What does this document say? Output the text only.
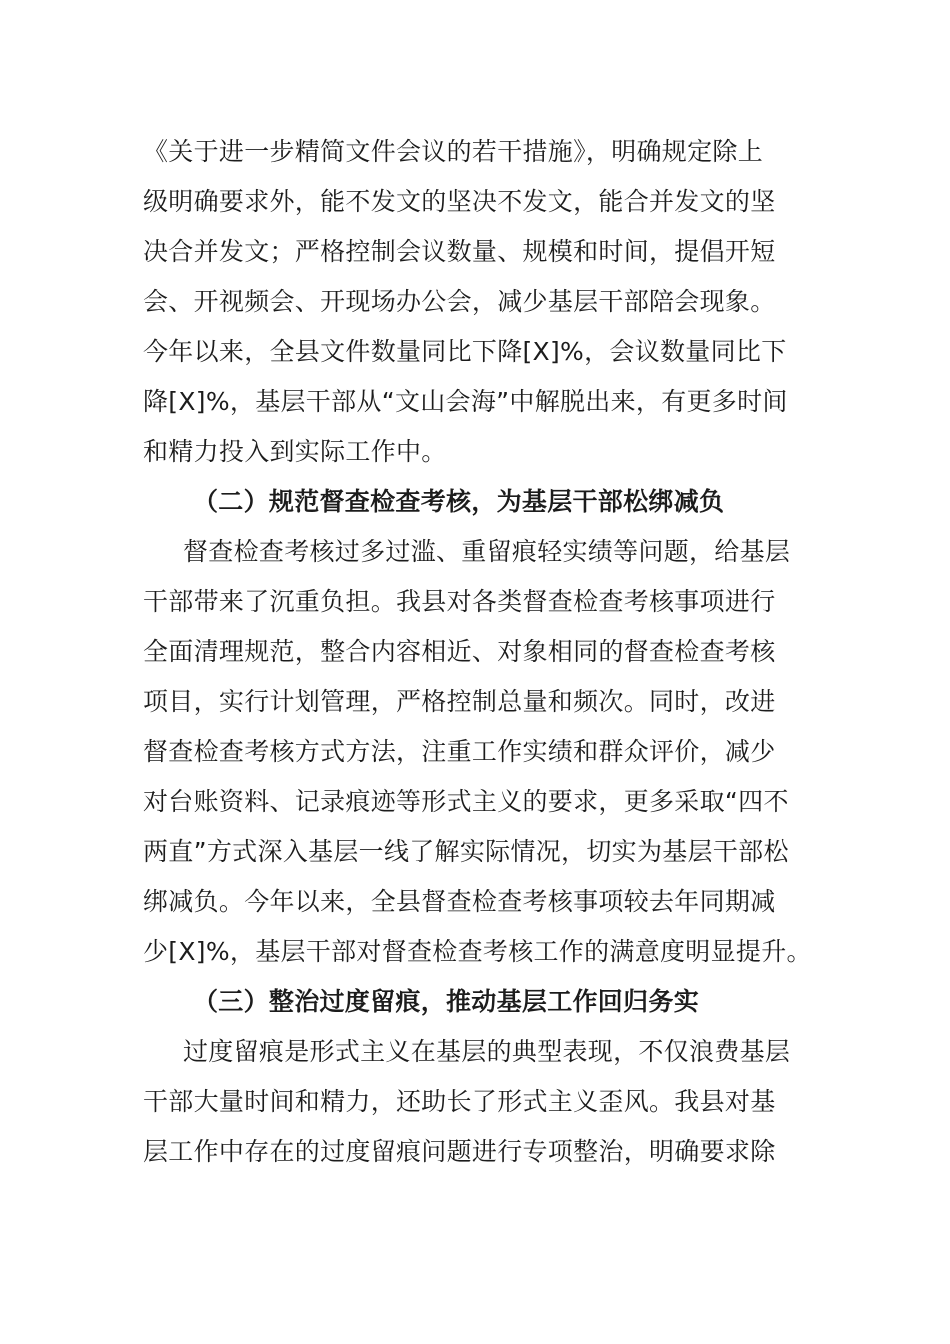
《关于进一步精简文件会议的若干措施》，明确规定除上
级明确要求外，能不发文的坚决不发文，能合并发文的坚
决合并发文；严格控制会议数量、规模和时间，提倡开短
会、开视频会、开现场办公会，减少基层干部陪会现象。
今年以来，全县文件数量同比下降[X]%，会议数量同比下
降[X]%，基层干部从“文山会海”中解脱出来，有更多时间
和精力投入到实际工作中。
（二）规范督查检查考核，为基层干部松绑减负
督查检查考核过多过滥、重留痕轻实绩等问题，给基层
干部带来了沉重负担。我县对各类督查检查考核事项进行
全面清理规范，整合内容相近、对象相同的督查检查考核
项目，实行计划管理，严格控制总量和频次。同时，改进
督查检查考核方式方法，注重工作实绩和群众评价，减少
对台账资料、记录痕迹等形式主义的要求，更多采取“四不
两直”方式深入基层一线了解实际情况，切实为基层干部松
绑减负。今年以来，全县督查检查考核事项较去年同期减
少[X]%，基层干部对督查检查考核工作的满意度明显提升。
（三）整治过度留痕，推动基层工作回归务实
过度留痕是形式主义在基层的典型表现，不仅浪费基层
干部大量时间和精力，还助长了形式主义歪风。我县对基
层工作中存在的过度留痕问题进行专项整治，明确要求除
